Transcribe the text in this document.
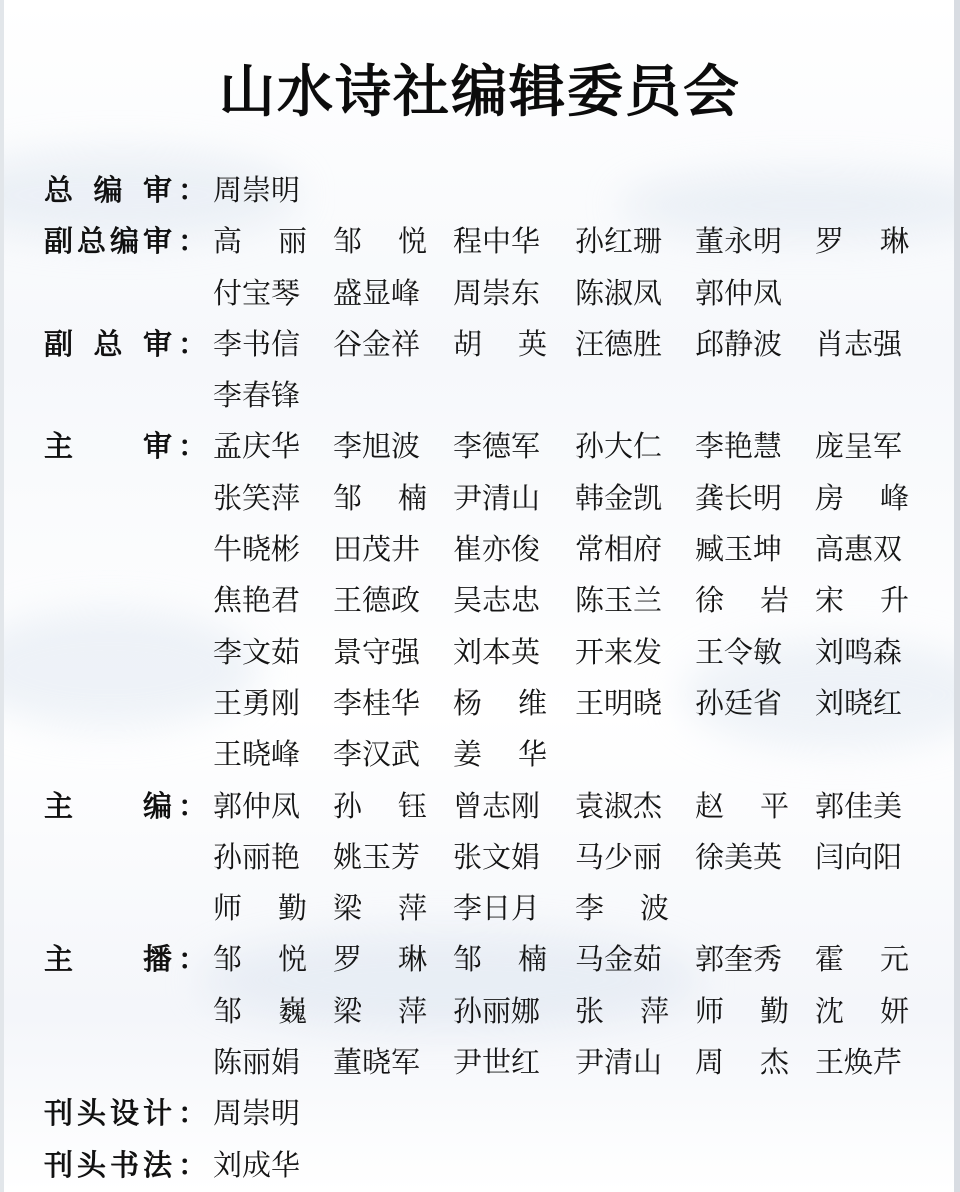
山水诗社编辑委员会
总 编 审 ： 周崇明
副 总 编 审 ： 高 丽 邹 悦 程中华 孙红珊 董永明 罗 琳
付宝琴 盛显峰 周崇东 陈淑凤 郭仲凤
副 总 审 ： 李书信 谷金祥 胡 英 汪德胜 邱静波 肖志强
李春锋
主 审 ： 孟庆华 李旭波 李德军 孙大仁 李艳慧 庞呈军
张笑萍 邹 楠 尹清山 韩金凯 龚长明 房 峰
牛晓彬 田茂井 崔亦俊 常相府 臧玉坤 高惠双
焦艳君 王德政 吴志忠 陈玉兰 徐 岩 宋 升
李文茹 景守强 刘本英 开来发 王令敏 刘鸣森
王勇刚 李桂华 杨 维 王明晓 孙廷省 刘晓红
王晓峰 李汉武 姜 华
主 编 ： 郭仲凤 孙 钰 曾志刚 袁淑杰 赵 平 郭佳美
孙丽艳 姚玉芳 张文娟 马少丽 徐美英 闫向阳
师 勤 梁 萍 李日月 李 波
主 播 ： 邹 悦 罗 琳 邹 楠 马金茹 郭奎秀 霍 元
邹 巍 梁 萍 孙丽娜 张 萍 师 勤 沈 妍
陈丽娟 董晓军 尹世红 尹清山 周 杰 王焕芹
刊 头 设 计 ： 周崇明
刊 头 书 法 ： 刘成华
